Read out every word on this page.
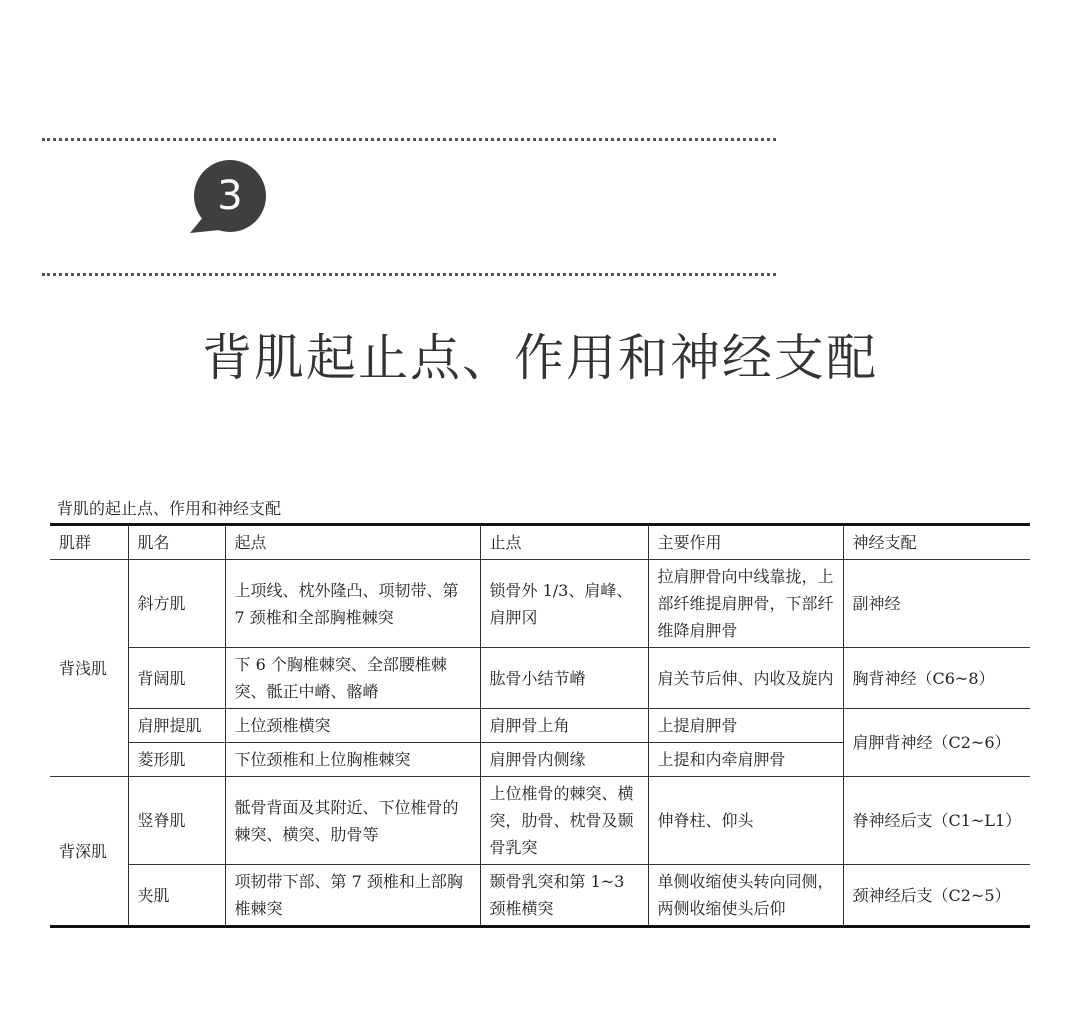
3
背肌起止点、作用和神经支配
背肌的起止点、作用和神经支配
肌群	肌名	起点	止点	主要作用	神经支配
背浅肌	斜方肌	上项线、枕外隆凸、项韧带、第 7 颈椎和全部胸椎棘突	锁骨外 1/3、肩峰、肩胛冈	拉肩胛骨向中线靠拢，上部纤维提肩胛骨，下部纤维降肩胛骨	副神经
	背阔肌	下 6 个胸椎棘突、全部腰椎棘突、骶正中嵴、髂嵴	肱骨小结节嵴	肩关节后伸、内收及旋内	胸背神经（C6~8）
	肩胛提肌	上位颈椎横突	肩胛骨上角	上提肩胛骨	肩胛背神经（C2~6）
	菱形肌	下位颈椎和上位胸椎棘突	肩胛骨内侧缘	上提和内牵肩胛骨	
背深肌	竖脊肌	骶骨背面及其附近、下位椎骨的棘突、横突、肋骨等	上位椎骨的棘突、横突，肋骨、枕骨及颞骨乳突	伸脊柱、仰头	脊神经后支（C1~L1）
	夹肌	项韧带下部、第 7 颈椎和上部胸椎棘突	颞骨乳突和第 1~3 颈椎横突	单侧收缩使头转向同侧，两侧收缩使头后仰	颈神经后支（C2~5）
